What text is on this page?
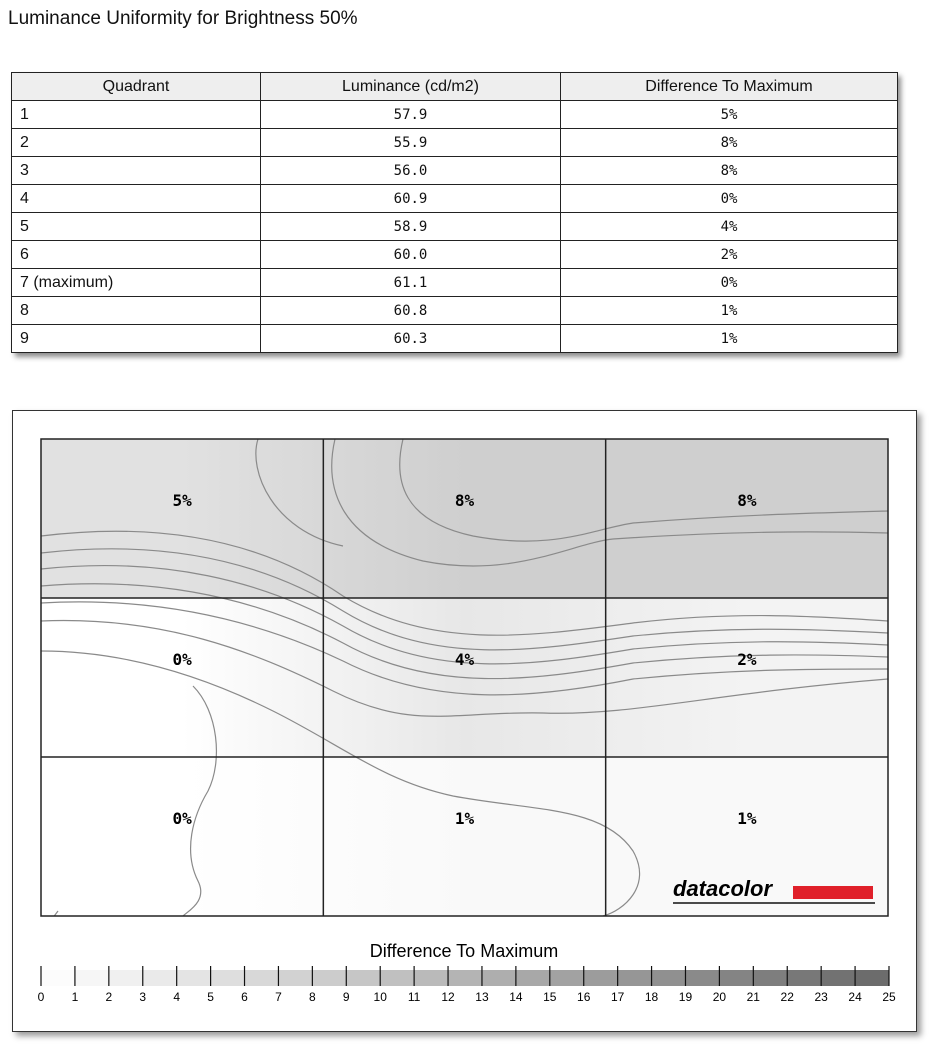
Luminance Uniformity for Brightness 50%
Quadrant	Luminance (cd/m2)	Difference To Maximum
1	57.9	5%
2	55.9	8%
3	56.0	8%
4	60.9	0%
5	58.9	4%
6	60.0	2%
7 (maximum)	61.1	0%
8	60.8	1%
9	60.3	1%
5%	8%	8%
0%	4%	2%
0%	1%	1%
datacolor
Difference To Maximum
0 1 2 3 4 5 6 7 8 9 10 11 12 13 14 15 16 17 18 19 20 21 22 23 24 25
